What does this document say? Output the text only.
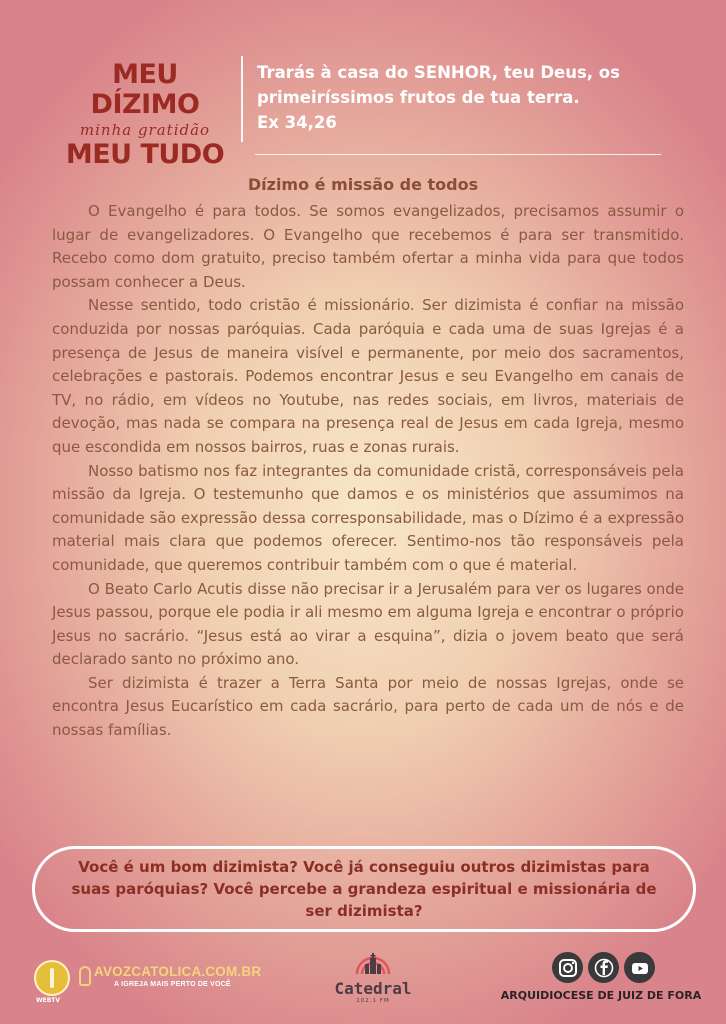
MEU DÍZIMO
minha gratidão
MEU TUDO
Trarás à casa do SENHOR, teu Deus, os primeiríssimos frutos de tua terra.
Ex 34,26
Dízimo é missão de todos

O Evangelho é para todos. Se somos evangelizados, precisamos assumir o lugar de evangelizadores. O Evangelho que recebemos é para ser transmitido. Recebo como dom gratuito, preciso também ofertar a minha vida para que todos possam conhecer a Deus.

Nesse sentido, todo cristão é missionário. Ser dizimista é confiar na missão conduzida por nossas paróquias. Cada paróquia e cada uma de suas Igrejas é a presença de Jesus de maneira visível e permanente, por meio dos sacramentos, celebrações e pastorais. Podemos encontrar Jesus e seu Evangelho em canais de TV, no rádio, em vídeos no Youtube, nas redes sociais, em livros, materiais de devoção, mas nada se compara na presença real de Jesus em cada Igreja, mesmo que escondida em nossos bairros, ruas e zonas rurais.

Nosso batismo nos faz integrantes da comunidade cristã, corresponsáveis pela missão da Igreja. O testemunho que damos e os ministérios que assumimos na comunidade são expressão dessa corresponsabilidade, mas o Dízimo é a expressão material mais clara que podemos oferecer. Sentimo-nos tão responsáveis pela comunidade, que queremos contribuir também com o que é material.

O Beato Carlo Acutis disse não precisar ir a Jerusalém para ver os lugares onde Jesus passou, porque ele podia ir ali mesmo em alguma Igreja e encontrar o próprio Jesus no sacrário. “Jesus está ao virar a esquina”, dizia o jovem beato que será declarado santo no próximo ano.

Ser dizimista é trazer a Terra Santa por meio de nossas Igrejas, onde se encontra Jesus Eucarístico em cada sacrário, para perto de cada um de nós e de nossas famílias.

Você é um bom dizimista? Você já conseguiu outros dizimistas para suas paróquias? Você percebe a grandeza espiritual e missionária de ser dizimista?
WEBTV
AVOZCATOLICA.COM.BR
A IGREJA MAIS PERTO DE VOCÊ	Catedral
102,1 FM	ARQUIDIOCESE DE JUIZ DE FORA
